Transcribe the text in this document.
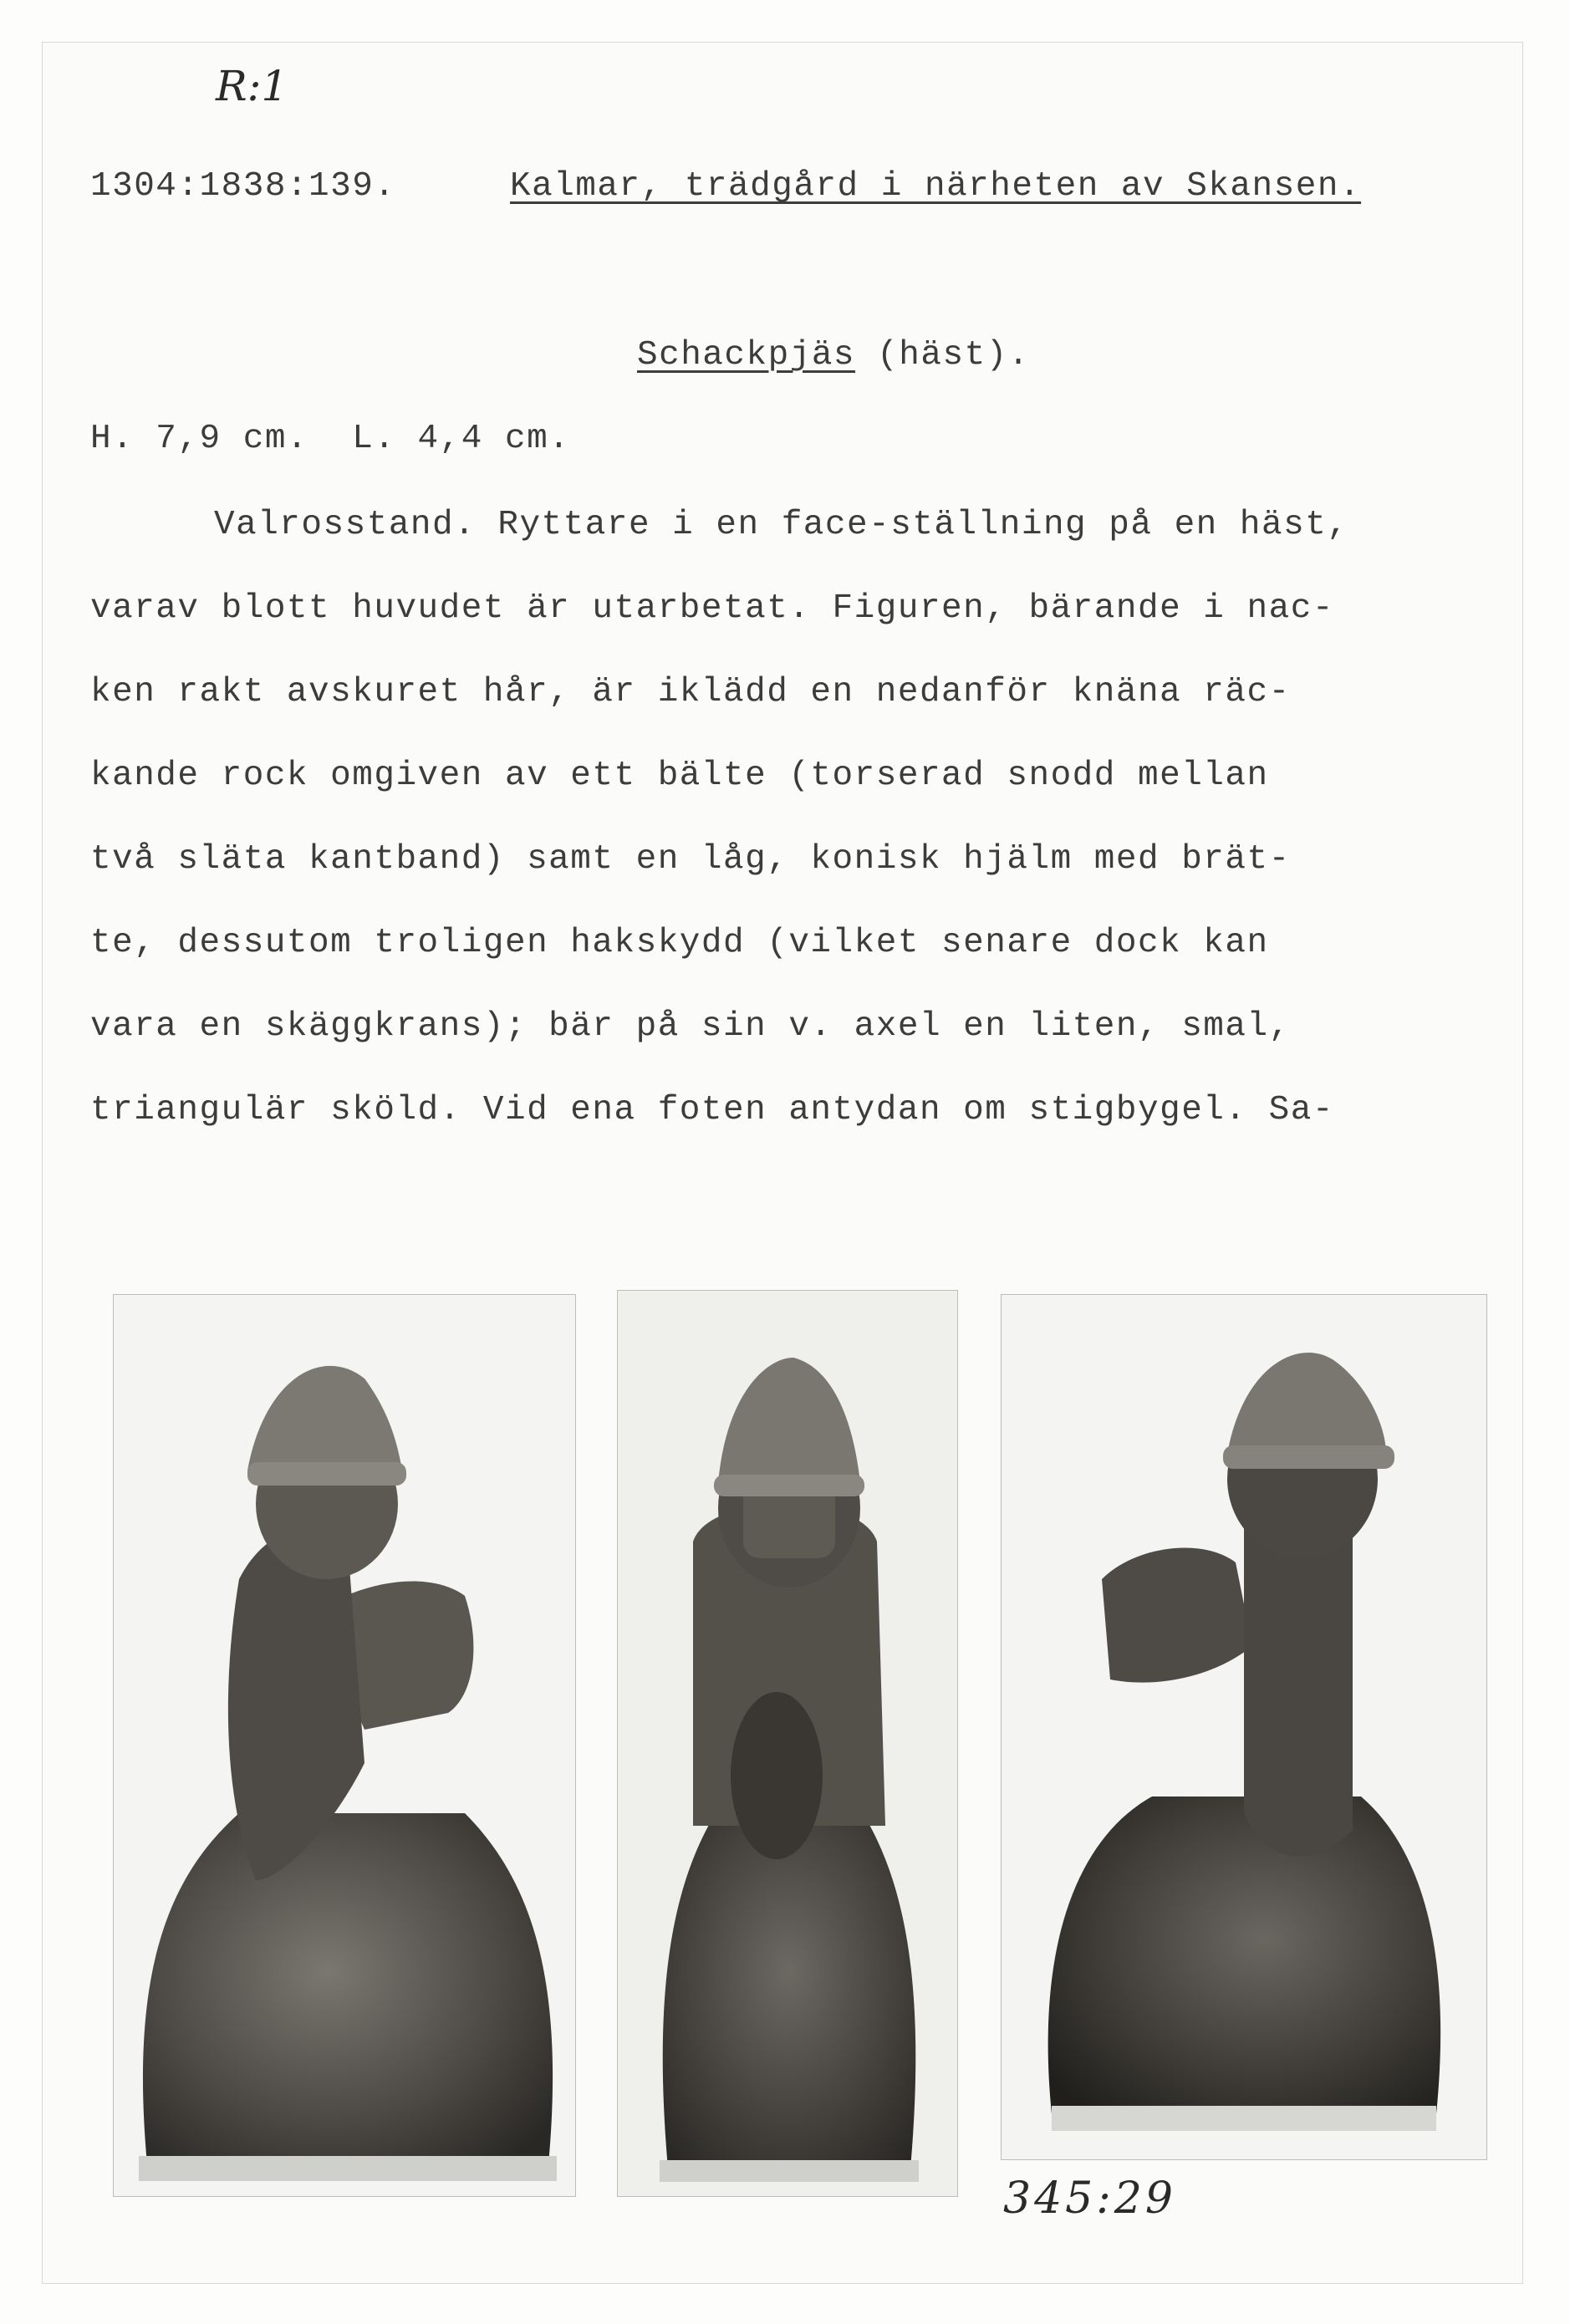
R:1
1304:1838:139.	Kalmar, trädgård i närheten av Skansen.
Schackpjäs (häst).
H. 7,9 cm.  L. 4,4 cm.
Valrosstand. Ryttare i en face-ställning på en häst,
varav blott huvudet är utarbetat. Figuren, bärande i nac-
ken rakt avskuret hår, är iklädd en nedanför knäna räc-
kande rock omgiven av ett bälte (torserad snodd mellan
två släta kantband) samt en låg, konisk hjälm med brät-
te, dessutom troligen hakskydd (vilket senare dock kan
vara en skäggkrans); bär på sin v. axel en liten, smal,
triangulär sköld. Vid ena foten antydan om stigbygel. Sa-
345:29
